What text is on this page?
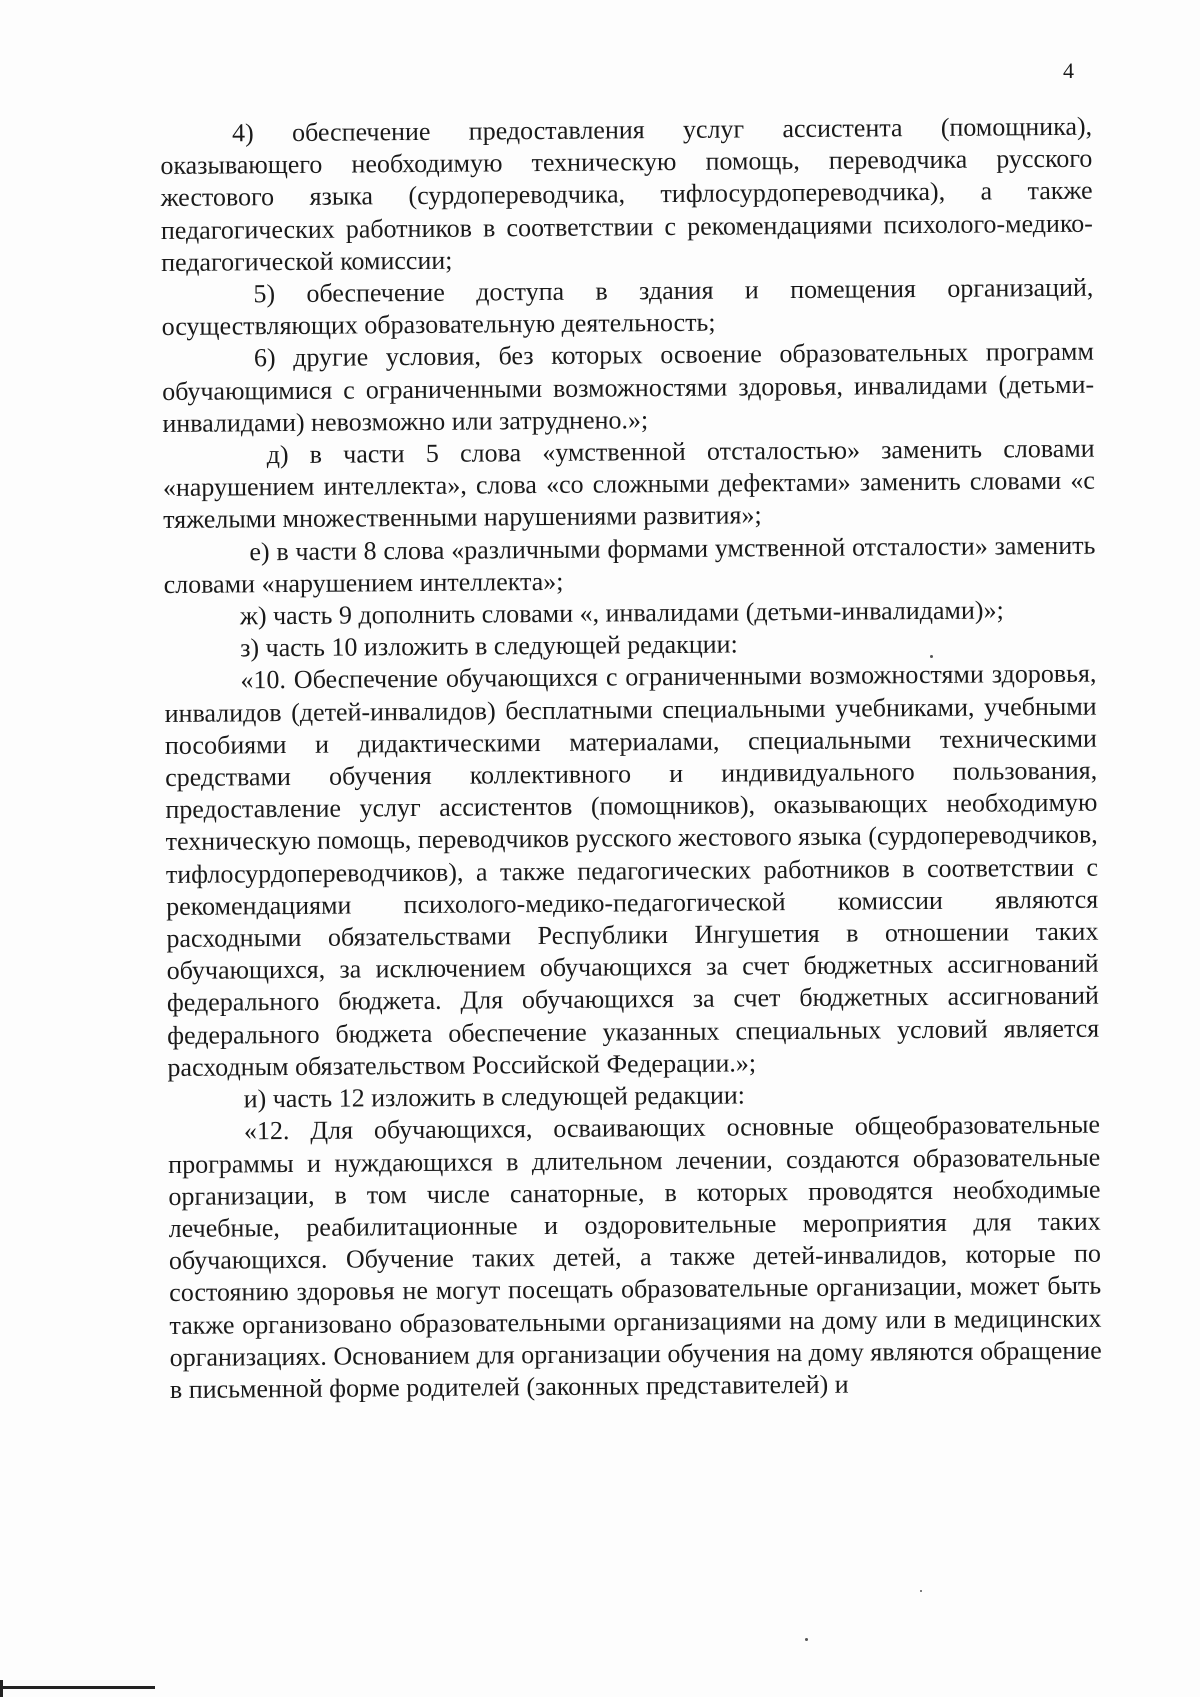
4

4) обеспечение предоставления услуг ассистента (помощника), оказывающего необходимую техническую помощь, переводчика русского жестового языка (сурдопереводчика, тифлосурдопереводчика), а также педагогических работников в соответствии с рекомендациями психолого-медико-педагогической комиссии;

5) обеспечение доступа в здания и помещения организаций, осуществляющих образовательную деятельность;

6) другие условия, без которых освоение образовательных программ обучающимися с ограниченными возможностями здоровья, инвалидами (детьми-инвалидами) невозможно или затруднено.»;

д) в части 5 слова «умственной отсталостью» заменить словами «нарушением интеллекта», слова «со сложными дефектами» заменить словами «с тяжелыми множественными нарушениями развития»;

е) в части 8 слова «различными формами умственной отсталости» заменить словами «нарушением интеллекта»;

ж) часть 9 дополнить словами «, инвалидами (детьми-инвалидами)»;

з) часть 10 изложить в следующей редакции:

«10. Обеспечение обучающихся с ограниченными возможностями здоровья, инвалидов (детей-инвалидов) бесплатными специальными учебниками, учебными пособиями и дидактическими материалами, специальными техническими средствами обучения коллективного и индивидуального пользования, предоставление услуг ассистентов (помощников), оказывающих необходимую техническую помощь, переводчиков русского жестового языка (сурдопереводчиков, тифлосурдопереводчиков), а также педагогических работников в соответствии с рекомендациями психолого-медико-педагогической комиссии являются расходными обязательствами Республики Ингушетия в отношении таких обучающихся, за исключением обучающихся за счет бюджетных ассигнований федерального бюджета. Для обучающихся за счет бюджетных ассигнований федерального бюджета обеспечение указанных специальных условий является расходным обязательством Российской Федерации.»;

и) часть 12 изложить в следующей редакции:

«12. Для обучающихся, осваивающих основные общеобразовательные программы и нуждающихся в длительном лечении, создаются образовательные организации, в том числе санаторные, в которых проводятся необходимые лечебные, реабилитационные и оздоровительные мероприятия для таких обучающихся. Обучение таких детей, а также детей-инвалидов, которые по состоянию здоровья не могут посещать образовательные организации, может быть также организовано образовательными организациями на дому или в медицинских организациях. Основанием для организации обучения на дому являются обращение в письменной форме родителей (законных представителей) и
